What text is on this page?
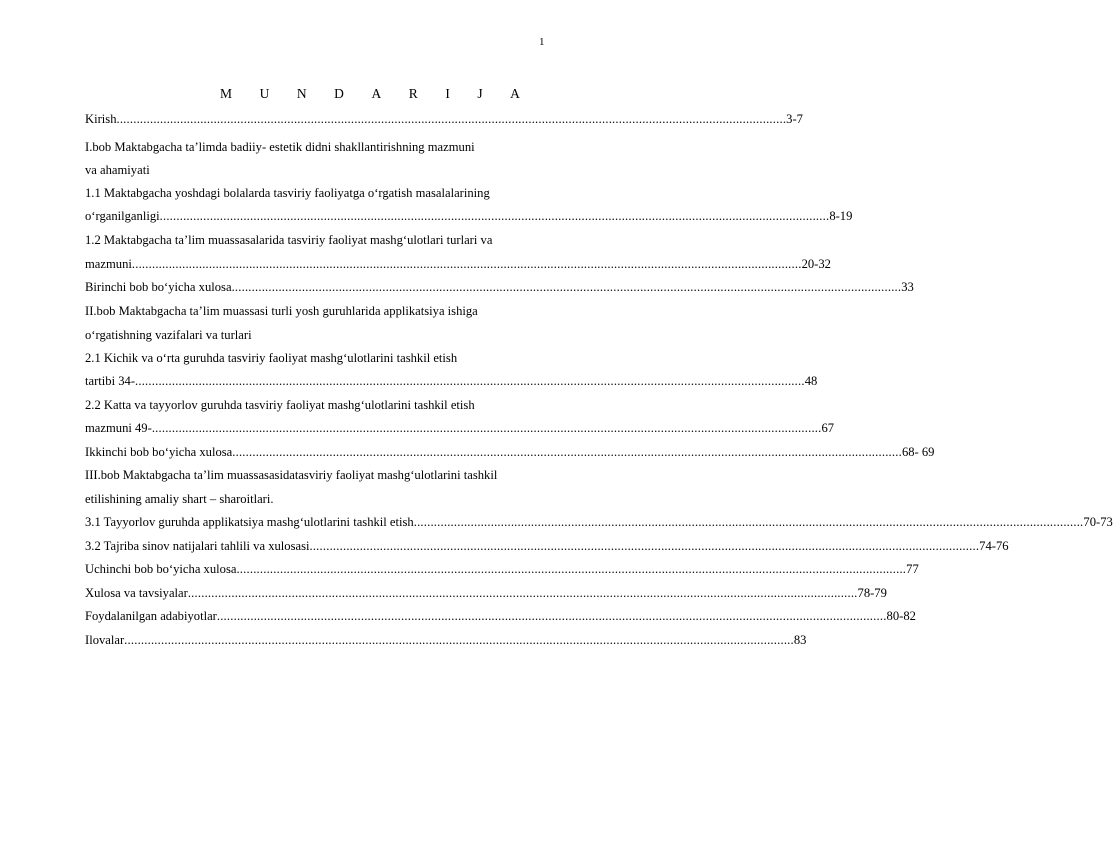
1
M U N D A R I J A
Kirish ........................................................................................................................................................................................................ 3-7
I.bob Maktabgacha ta’limda badiiy- estetik didni shakllantirishning mazmuni
va ahamiyati
1.1 Maktabgacha yoshdagi bolalarda tasviriy faoliyatga o‘rgatish masalalarining
o‘rganilganligi ........................................................................................................................................................................................................ 8-19
1.2 Maktabgacha ta’lim muassasalarida tasviriy faoliyat mashg‘ulotlari turlari va
mazmuni ........................................................................................................................................................................................................ 20-32
Birinchi bob bo‘yicha xulosa ........................................................................................................................................................................................................ 33
II.bob Maktabgacha ta’lim muassasi turli yosh guruhlarida applikatsiya ishiga
o‘rgatishning vazifalari va turlari
2.1 Kichik va o‘rta guruhda tasviriy faoliyat mashg‘ulotlarini tashkil etish
tartibi 34- ........................................................................................................................................................................................................ 48
2.2 Katta va tayyorlov guruhda tasviriy faoliyat mashg‘ulotlarini tashkil etish
mazmuni 49- ........................................................................................................................................................................................................ 67
Ikkinchi bob bo‘yicha xulosa ........................................................................................................................................................................................................ 68- 69
III.bob Maktabgacha ta’lim muassasasidatasviriy faoliyat mashg‘ulotlarini tashkil
etilishining amaliy shart – sharoitlari.
3.1 Tayyorlov guruhda applikatsiya mashg‘ulotlarini tashkil etish ........................................................................................................................................................................................................ 70-73
3.2 Tajriba sinov natijalari tahlili va xulosasi ........................................................................................................................................................................................................ 74-76
Uchinchi bob bo‘yicha xulosa ........................................................................................................................................................................................................ 77
Xulosa va tavsiyalar ........................................................................................................................................................................................................ 78-79
Foydalanilgan adabiyotlar ........................................................................................................................................................................................................ 80-82
Ilovalar ........................................................................................................................................................................................................ 83
